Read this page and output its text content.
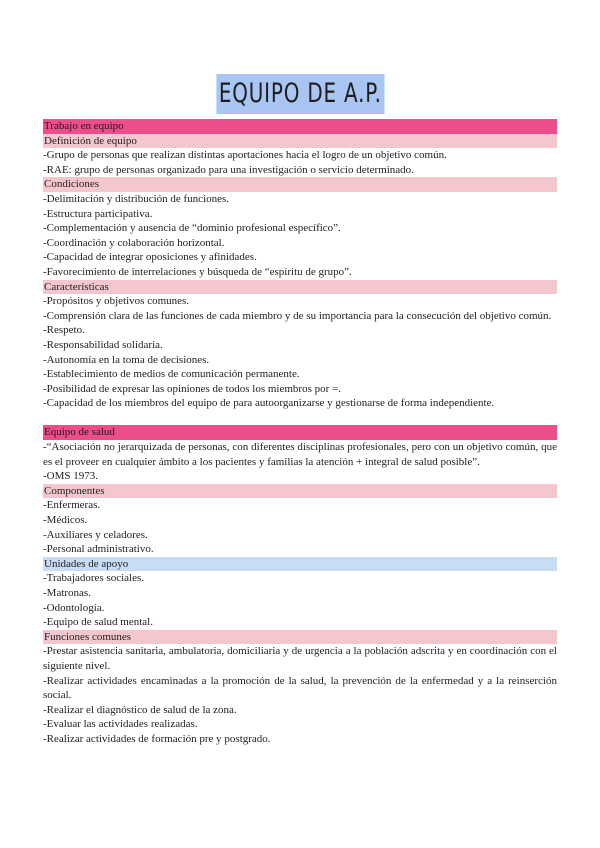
EQUIPO DE A.P.
Trabajo en equipo
Definición de equipo
-Grupo de personas que realizan distintas aportaciones hacia el logro de un objetivo común.
-RAE: grupo de personas organizado para una investigación o servicio determinado.
Condiciones
-Delimitación y distribución de funciones.
-Estructura participativa.
-Complementación y ausencia de “dominio profesional específico”.
-Coordinación y colaboración horizontal.
-Capacidad de integrar oposiciones y afinidades.
-Favorecimiento de interrelaciones y búsqueda de “espíritu de grupo”.
Características
-Propósitos y objetivos comunes.
-Comprensión clara de las funciones de cada miembro y de su importancia para la consecución del objetivo común.
-Respeto.
-Responsabilidad solidaria.
-Autonomía en la toma de decisiones.
-Establecimiento de medios de comunicación permanente.
-Posibilidad de expresar las opiniones de todos los miembros por =.
-Capacidad de los miembros del equipo de para autoorganizarse y gestionarse de forma independiente.
Equipo de salud
-“Asociación no jerarquizada de personas, con diferentes disciplinas profesionales, pero con un objetivo común, que es el proveer en cualquier ámbito a los pacientes y familias la atención + integral de salud posible”.
-OMS 1973.
Componentes
-Enfermeras.
-Médicos.
-Auxiliares y celadores.
-Personal administrativo.
Unidades de apoyo
-Trabajadores sociales.
-Matronas.
-Odontología.
-Equipo de salud mental.
Funciones comunes
-Prestar asistencia sanitaria, ambulatoria, domiciliaria y de urgencia a la población adscrita y en coordinación con el siguiente nivel.
-Realizar actividades encaminadas a la promoción de la salud, la prevención de la enfermedad y a la reinserción social.
-Realizar el diagnóstico de salud de la zona.
-Evaluar las actividades realizadas.
-Realizar actividades de formación pre y postgrado.
